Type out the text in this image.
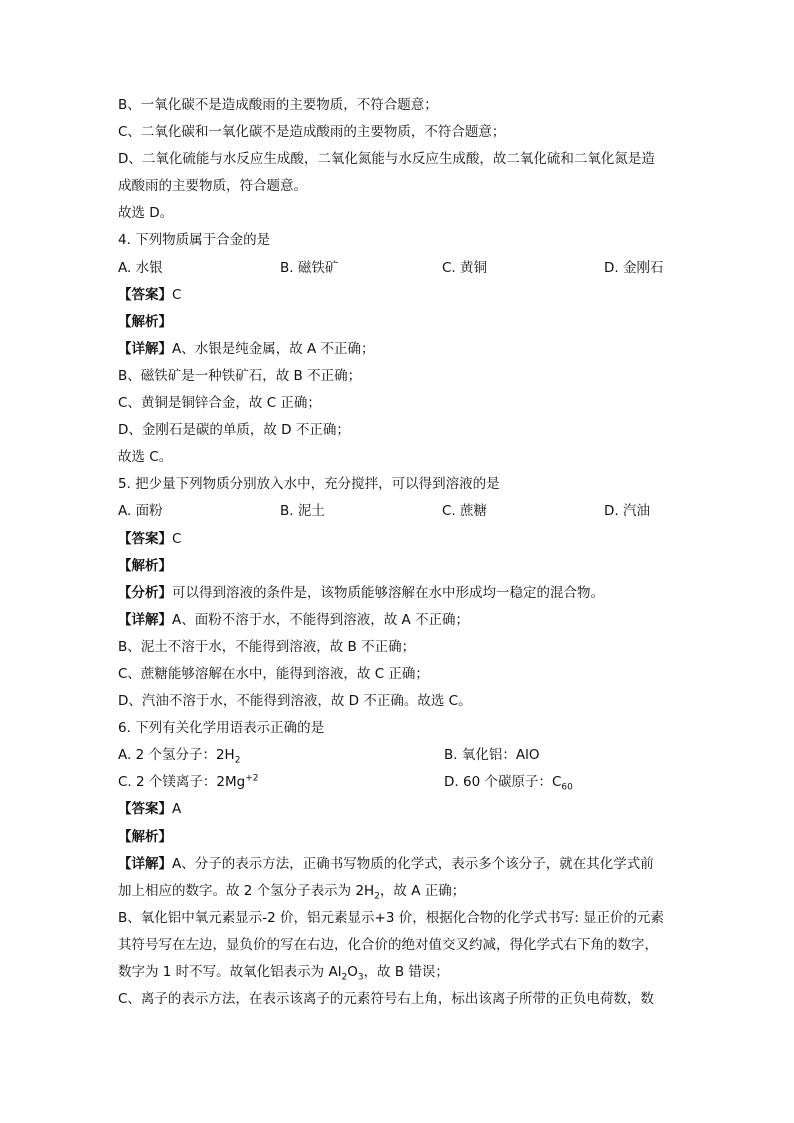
B、一氧化碳不是造成酸雨的主要物质，不符合题意；
C、二氧化碳和一氧化碳不是造成酸雨的主要物质，不符合题意；
D、二氧化硫能与水反应生成酸，二氧化氮能与水反应生成酸，故二氧化硫和二氧化氮是造
成酸雨的主要物质，符合题意。
故选 D。
4. 下列物质属于合金的是
A. 水银	B. 磁铁矿	C. 黄铜	D. 金刚石
【答案】C
【解析】
【详解】A、水银是纯金属，故 A 不正确；
B、磁铁矿是一种铁矿石，故 B 不正确；
C、黄铜是铜锌合金，故 C 正确；
D、金刚石是碳的单质，故 D 不正确；
故选 C。
5. 把少量下列物质分别放入水中，充分搅拌，可以得到溶液的是
A. 面粉	B. 泥土	C. 蔗糖	D. 汽油
【答案】C
【解析】
【分析】可以得到溶液的条件是，该物质能够溶解在水中形成均一稳定的混合物。
【详解】A、面粉不溶于水，不能得到溶液，故 A 不正确；
B、泥土不溶于水，不能得到溶液，故 B 不正确；
C、蔗糖能够溶解在水中，能得到溶液，故 C 正确；
D、汽油不溶于水，不能得到溶液，故 D 不正确。故选 C。
6. 下列有关化学用语表示正确的是
A. 2 个氢分子：$2H_2$	B. 氧化铝：AlO
C. 2 个镁离子：$2Mg^{+2}$	D. 60 个碳原子：$C_{60}$
【答案】A
【解析】
【详解】A、分子的表示方法，正确书写物质的化学式，表示多个该分子，就在其化学式前
加上相应的数字。故 2 个氢分子表示为 $2H_2$，故 A 正确；
B、氧化铝中氧元素显示-2 价，铝元素显示+3 价，根据化合物的化学式书写: 显正价的元素
其符号写在左边，显负价的写在右边，化合价的绝对值交叉约减，得化学式右下角的数字，
数字为 1 时不写。故氧化铝表示为 $Al_2O_3$，故 B 错误；
C、离子的表示方法，在表示该离子的元素符号右上角，标出该离子所带的正负电荷数，数
